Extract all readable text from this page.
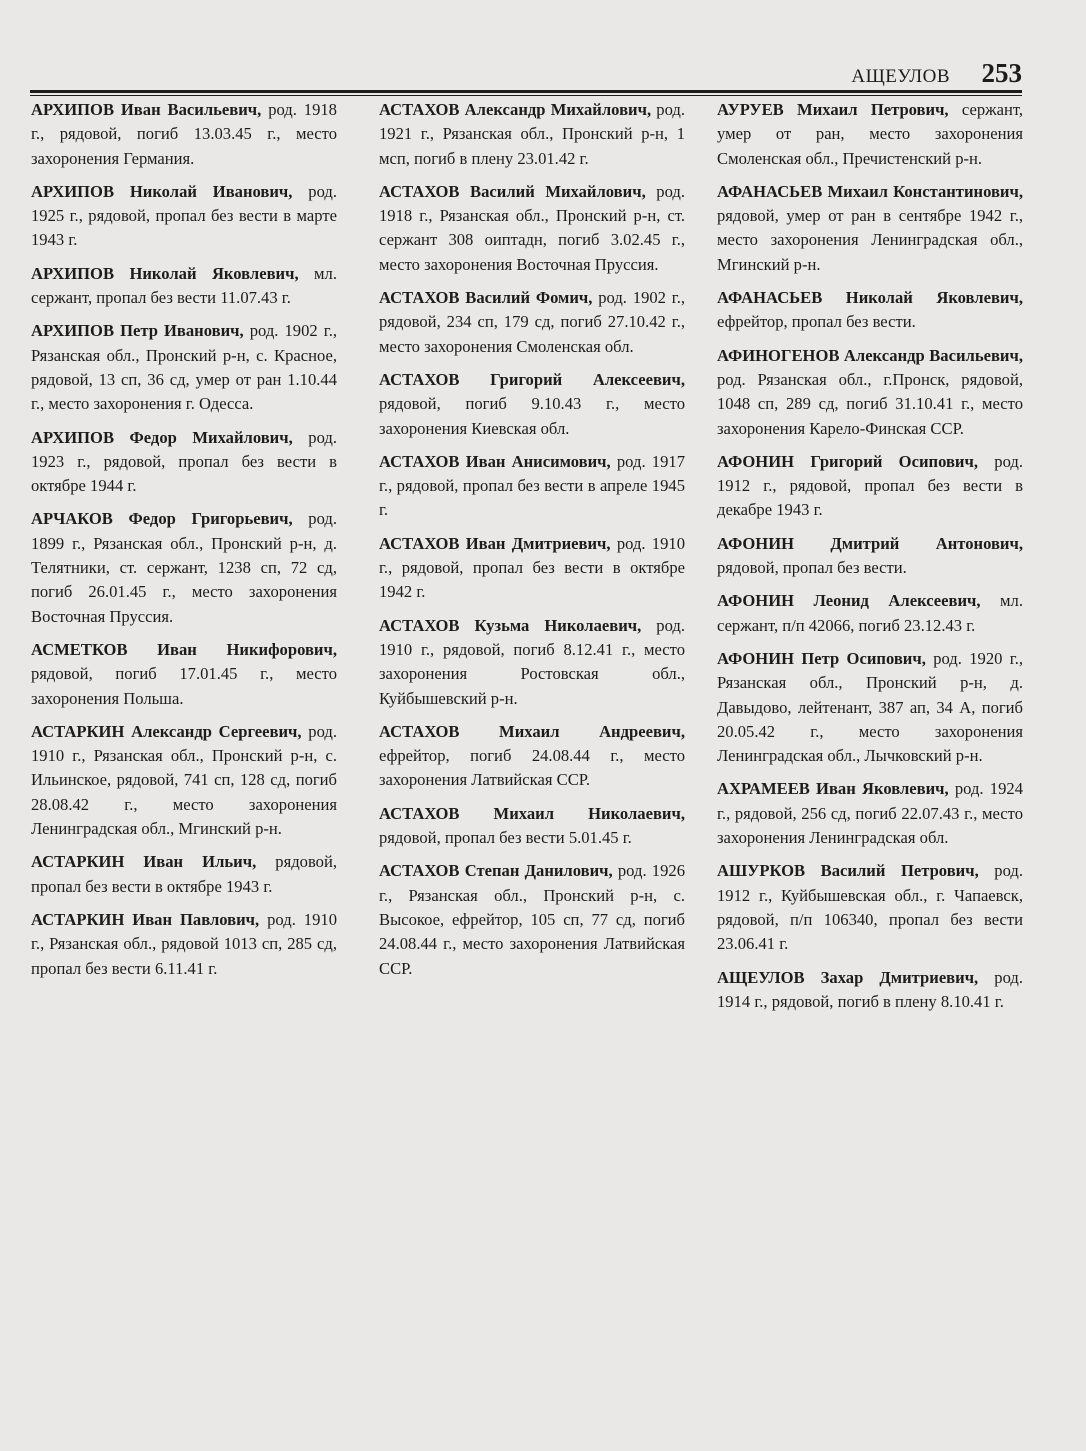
АЩЕУЛОВ 253

АРХИПОВ Иван Васильевич, род. 1918 г., рядовой, погиб 13.03.45 г., место захоронения Германия.

АРХИПОВ Николай Иванович, род. 1925 г., рядовой, пропал без вести в марте 1943 г.

АРХИПОВ Николай Яковлевич, мл. сержант, пропал без вести 11.07.43 г.

АРХИПОВ Петр Иванович, род. 1902 г., Рязанская обл., Пронский р-н, с. Красное, рядовой, 13 сп, 36 сд, умер от ран 1.10.44 г., место захоронения г. Одесса.

АРХИПОВ Федор Михайлович, род. 1923 г., рядовой, пропал без вести в октябре 1944 г.

АРЧАКОВ Федор Григорьевич, род. 1899 г., Рязанская обл., Пронский р-н, д. Телятники, ст. сержант, 1238 сп, 72 сд, погиб 26.01.45 г., место захоронения Восточная Пруссия.

АСМЕТКОВ Иван Никифорович, рядовой, погиб 17.01.45 г., место захоронения Польша.

АСТАРКИН Александр Сергеевич, род. 1910 г., Рязанская обл., Пронский р-н, с. Ильинское, рядовой, 741 сп, 128 сд, погиб 28.08.42 г., место захоронения Ленинградская обл., Мгинский р-н.

АСТАРКИН Иван Ильич, рядовой, пропал без вести в октябре 1943 г.

АСТАРКИН Иван Павлович, род. 1910 г., Рязанская обл., рядовой 1013 сп, 285 сд, пропал без вести 6.11.41 г.

АСТАХОВ Александр Михайлович, род. 1921 г., Рязанская обл., Пронский р-н, 1 мсп, погиб в плену 23.01.42 г.

АСТАХОВ Василий Михайлович, род. 1918 г., Рязанская обл., Пронский р-н, ст. сержант 308 оиптадн, погиб 3.02.45 г., место захоронения Восточная Пруссия.

АСТАХОВ Василий Фомич, род. 1902 г., рядовой, 234 сп, 179 сд, погиб 27.10.42 г., место захоронения Смоленская обл.

АСТАХОВ Григорий Алексеевич, рядовой, погиб 9.10.43 г., место захоронения Киевская обл.

АСТАХОВ Иван Анисимович, род. 1917 г., рядовой, пропал без вести в апреле 1945 г.

АСТАХОВ Иван Дмитриевич, род. 1910 г., рядовой, пропал без вести в октябре 1942 г.

АСТАХОВ Кузьма Николаевич, род. 1910 г., рядовой, погиб 8.12.41 г., место захоронения Ростовская обл., Куйбышевский р-н.

АСТАХОВ Михаил Андреевич, ефрейтор, погиб 24.08.44 г., место захоронения Латвийская ССР.

АСТАХОВ Михаил Николаевич, рядовой, пропал без вести 5.01.45 г.

АСТАХОВ Степан Данилович, род. 1926 г., Рязанская обл., Пронский р-н, с. Высокое, ефрейтор, 105 сп, 77 сд, погиб 24.08.44 г., место захоронения Латвийская ССР.

АУРУЕВ Михаил Петрович, сержант, умер от ран, место захоронения Смоленская обл., Пречистенский р-н.

АФАНАСЬЕВ Михаил Константинович, рядовой, умер от ран в сентябре 1942 г., место захоронения Ленинградская обл., Мгинский р-н.

АФАНАСЬЕВ Николай Яковлевич, ефрейтор, пропал без вести.

АФИНОГЕНОВ Александр Васильевич, род. Рязанская обл., г.Пронск, рядовой, 1048 сп, 289 сд, погиб 31.10.41 г., место захоронения Карело-Финская ССР.

АФОНИН Григорий Осипович, род. 1912 г., рядовой, пропал без вести в декабре 1943 г.

АФОНИН Дмитрий Антонович, рядовой, пропал без вести.

АФОНИН Леонид Алексеевич, мл. сержант, п/п 42066, погиб 23.12.43 г.

АФОНИН Петр Осипович, род. 1920 г., Рязанская обл., Пронский р-н, д. Давыдово, лейтенант, 387 ап, 34 А, погиб 20.05.42 г., место захоронения Ленинградская обл., Лычковский р-н.

АХРАМЕЕВ Иван Яковлевич, род. 1924 г., рядовой, 256 сд, погиб 22.07.43 г., место захоронения Ленинградская обл.

АШУРКОВ Василий Петрович, род. 1912 г., Куйбышевская обл., г. Чапаевск, рядовой, п/п 106340, пропал без вести 23.06.41 г.

АЩЕУЛОВ Захар Дмитриевич, род. 1914 г., рядовой, погиб в плену 8.10.41 г.
